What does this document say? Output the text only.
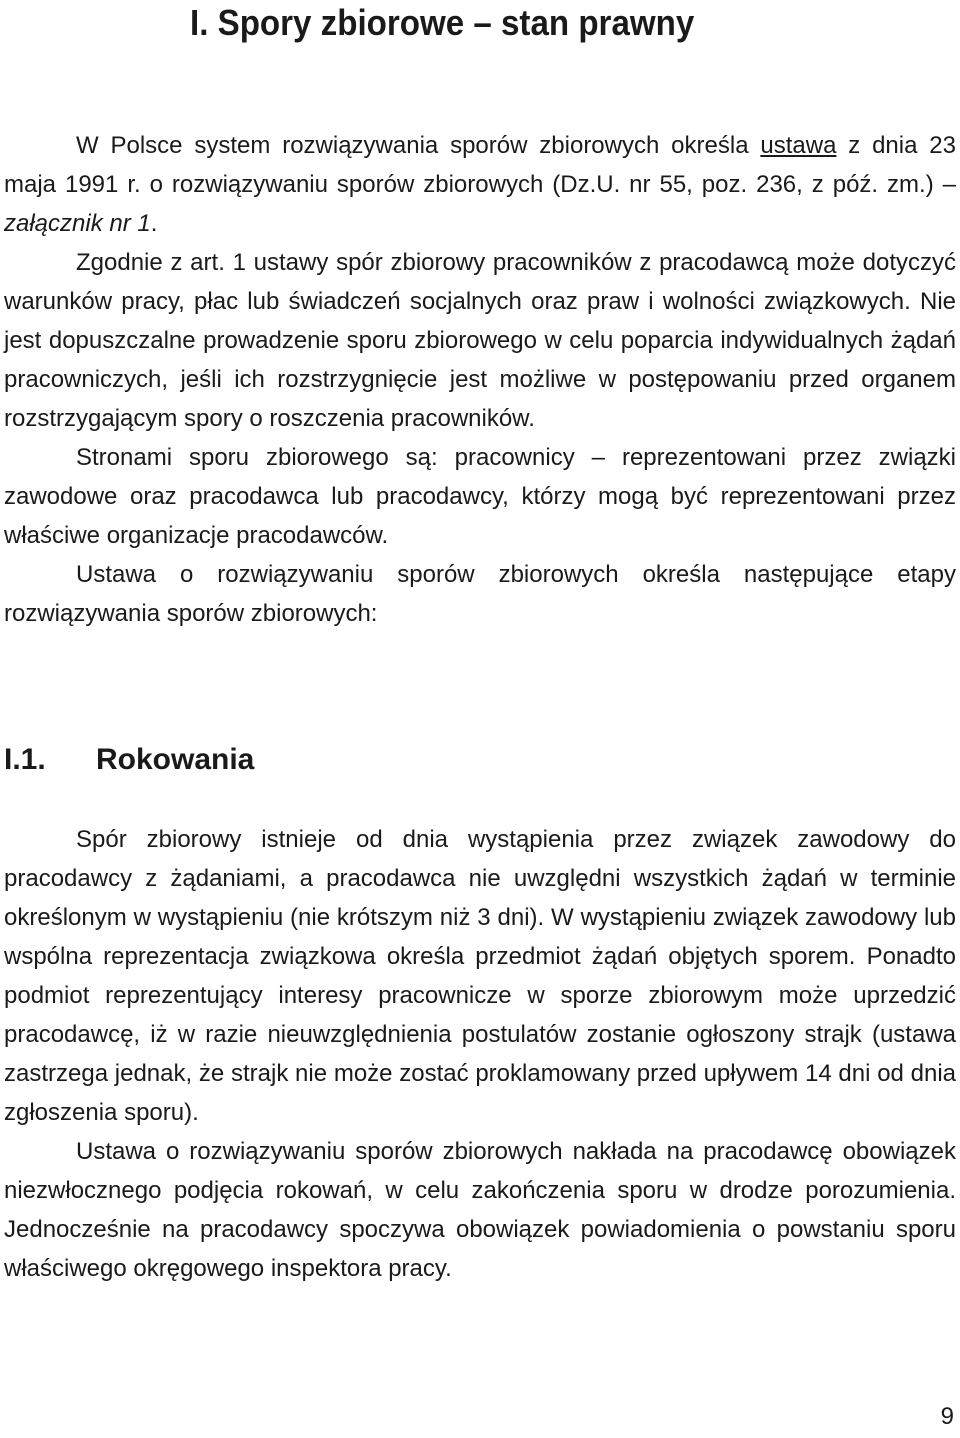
I. Spory zbiorowe – stan prawny

W Polsce system rozwiązywania sporów zbiorowych określa ustawa z dnia 23 maja 1991 r. o rozwiązywaniu sporów zbiorowych (Dz.U. nr 55, poz. 236, z póź. zm.) – załącznik nr 1.

Zgodnie z art. 1 ustawy spór zbiorowy pracowników z pracodawcą może dotyczyć warunków pracy, płac lub świadczeń socjalnych oraz praw i wolności związkowych. Nie jest dopuszczalne prowadzenie sporu zbiorowego w celu poparcia indywidualnych żądań pracowniczych, jeśli ich rozstrzygnięcie jest możliwe w postępowaniu przed organem rozstrzygającym spory o roszczenia pracowników.

Stronami sporu zbiorowego są: pracownicy – reprezentowani przez związki zawodowe oraz pracodawca lub pracodawcy, którzy mogą być reprezentowani przez właściwe organizacje pracodawców.

Ustawa o rozwiązywaniu sporów zbiorowych określa następujące etapy rozwiązywania sporów zbiorowych:

I.1. Rokowania

Spór zbiorowy istnieje od dnia wystąpienia przez związek zawodowy do pracodawcy z żądaniami, a pracodawca nie uwzględni wszystkich żądań w terminie określonym w wystąpieniu (nie krótszym niż 3 dni). W wystąpieniu związek zawodowy lub wspólna reprezentacja związkowa określa przedmiot żądań objętych sporem. Ponadto podmiot reprezentujący interesy pracownicze w sporze zbiorowym może uprzedzić pracodawcę, iż w razie nieuwzględnienia postulatów zostanie ogłoszony strajk (ustawa zastrzega jednak, że strajk nie może zostać proklamowany przed upływem 14 dni od dnia zgłoszenia sporu).

Ustawa o rozwiązywaniu sporów zbiorowych nakłada na pracodawcę obowiązek niezwłocznego podjęcia rokowań, w celu zakończenia sporu w drodze porozumienia. Jednocześnie na pracodawcy spoczywa obowiązek powiadomienia o powstaniu sporu właściwego okręgowego inspektora pracy.

9
